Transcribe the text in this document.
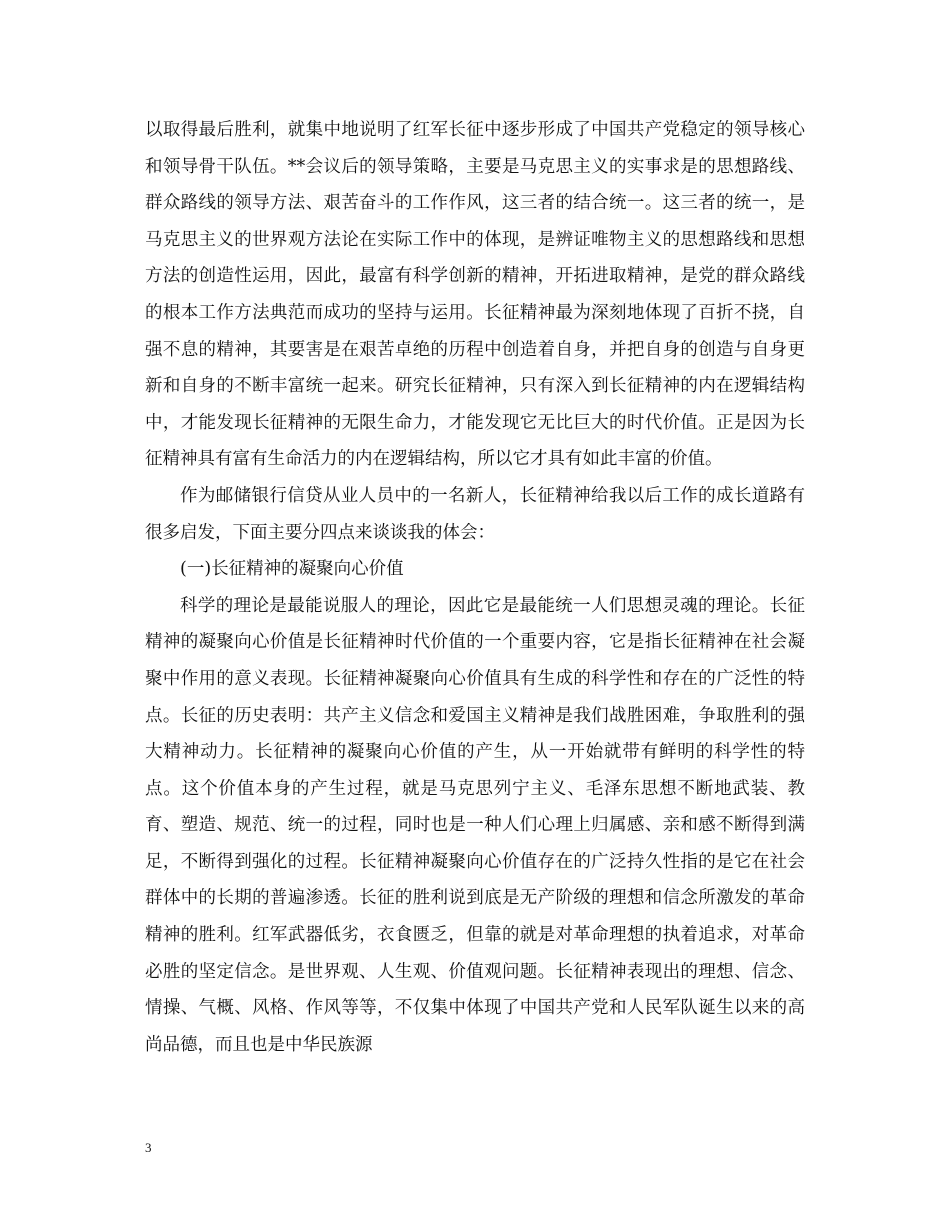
以取得最后胜利，就集中地说明了红军长征中逐步形成了中国共产党稳定的领导核心和领导骨干队伍。**会议后的领导策略，主要是马克思主义的实事求是的思想路线、群众路线的领导方法、艰苦奋斗的工作作风，这三者的结合统一。这三者的统一，是马克思主义的世界观方法论在实际工作中的体现，是辨证唯物主义的思想路线和思想方法的创造性运用，因此，最富有科学创新的精神，开拓进取精神，是党的群众路线的根本工作方法典范而成功的坚持与运用。长征精神最为深刻地体现了百折不挠，自强不息的精神，其要害是在艰苦卓绝的历程中创造着自身，并把自身的创造与自身更新和自身的不断丰富统一起来。研究长征精神，只有深入到长征精神的内在逻辑结构中，才能发现长征精神的无限生命力，才能发现它无比巨大的时代价值。正是因为长征精神具有富有生命活力的内在逻辑结构，所以它才具有如此丰富的价值。

作为邮储银行信贷从业人员中的一名新人，长征精神给我以后工作的成长道路有很多启发，下面主要分四点来谈谈我的体会：

(一)长征精神的凝聚向心价值

科学的理论是最能说服人的理论，因此它是最能统一人们思想灵魂的理论。长征精神的凝聚向心价值是长征精神时代价值的一个重要内容，它是指长征精神在社会凝聚中作用的意义表现。长征精神凝聚向心价值具有生成的科学性和存在的广泛性的特点。长征的历史表明：共产主义信念和爱国主义精神是我们战胜困难，争取胜利的强大精神动力。长征精神的凝聚向心价值的产生，从一开始就带有鲜明的科学性的特点。这个价值本身的产生过程，就是马克思列宁主义、毛泽东思想不断地武装、教育、塑造、规范、统一的过程，同时也是一种人们心理上归属感、亲和感不断得到满足，不断得到强化的过程。长征精神凝聚向心价值存在的广泛持久性指的是它在社会群体中的长期的普遍渗透。长征的胜利说到底是无产阶级的理想和信念所激发的革命精神的胜利。红军武器低劣，衣食匮乏，但靠的就是对革命理想的执着追求，对革命必胜的坚定信念。是世界观、人生观、价值观问题。长征精神表现出的理想、信念、情操、气概、风格、作风等等，不仅集中体现了中国共产党和人民军队诞生以来的高尚品德，而且也是中华民族源

3
